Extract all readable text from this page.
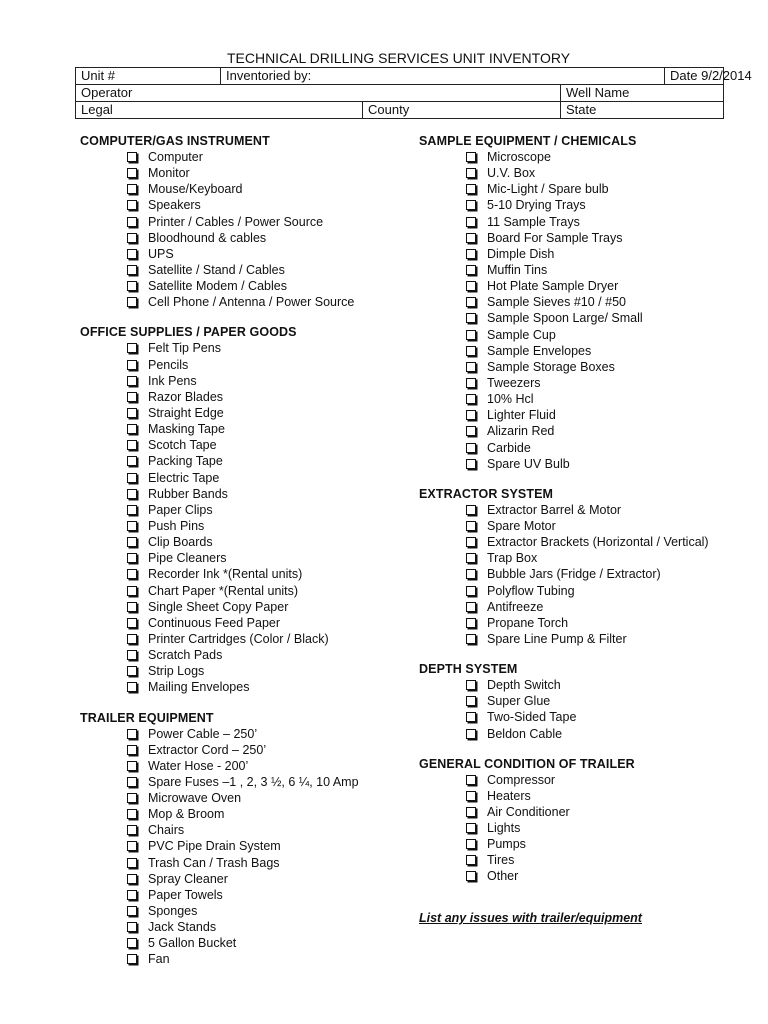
TECHNICAL DRILLING SERVICES UNIT INVENTORY
Unit #	Inventoried by:			Date 9/2/2014
Operator			Well Name	
Legal		County	State	
COMPUTER/GAS INSTRUMENT
Computer
Monitor
Mouse/Keyboard
Speakers
Printer / Cables / Power Source
Bloodhound & cables
UPS
Satellite / Stand / Cables
Satellite Modem / Cables
Cell Phone / Antenna / Power Source
OFFICE SUPPLIES / PAPER GOODS
Felt Tip Pens
Pencils
Ink Pens
Razor Blades
Straight Edge
Masking Tape
Scotch Tape
Packing Tape
Electric Tape
Rubber Bands
Paper Clips
Push Pins
Clip Boards
Pipe Cleaners
Recorder Ink *(Rental units)
Chart Paper *(Rental units)
Single Sheet Copy Paper
Continuous Feed Paper
Printer Cartridges (Color / Black)
Scratch Pads
Strip Logs
Mailing Envelopes
TRAILER EQUIPMENT
Power Cable – 250’
Extractor Cord – 250’
Water Hose - 200’
Spare Fuses –1 , 2, 3 ½, 6 ¼, 10 Amp
Microwave Oven
Mop & Broom
Chairs
PVC Pipe Drain System
Trash Can / Trash Bags
Spray Cleaner
Paper Towels
Sponges
Jack Stands
5 Gallon Bucket
Fan
SAMPLE EQUIPMENT / CHEMICALS
Microscope
U.V. Box
Mic-Light / Spare bulb
5-10 Drying Trays
11 Sample Trays
Board For Sample Trays
Dimple Dish
Muffin Tins
Hot Plate Sample Dryer
Sample Sieves #10 / #50
Sample Spoon Large/ Small
Sample Cup
Sample Envelopes
Sample Storage Boxes
Tweezers
10% Hcl
Lighter Fluid
Alizarin Red
Carbide
Spare UV Bulb
EXTRACTOR SYSTEM
Extractor Barrel & Motor
Spare Motor
Extractor Brackets (Horizontal / Vertical)
Trap Box
Bubble Jars (Fridge / Extractor)
Polyflow Tubing
Antifreeze
Propane Torch
Spare Line Pump & Filter
DEPTH SYSTEM
Depth Switch
Super Glue
Two-Sided Tape
Beldon Cable
GENERAL CONDITION OF TRAILER
Compressor
Heaters
Air Conditioner
Lights
Pumps
Tires
Other
List any issues with trailer/equipment
